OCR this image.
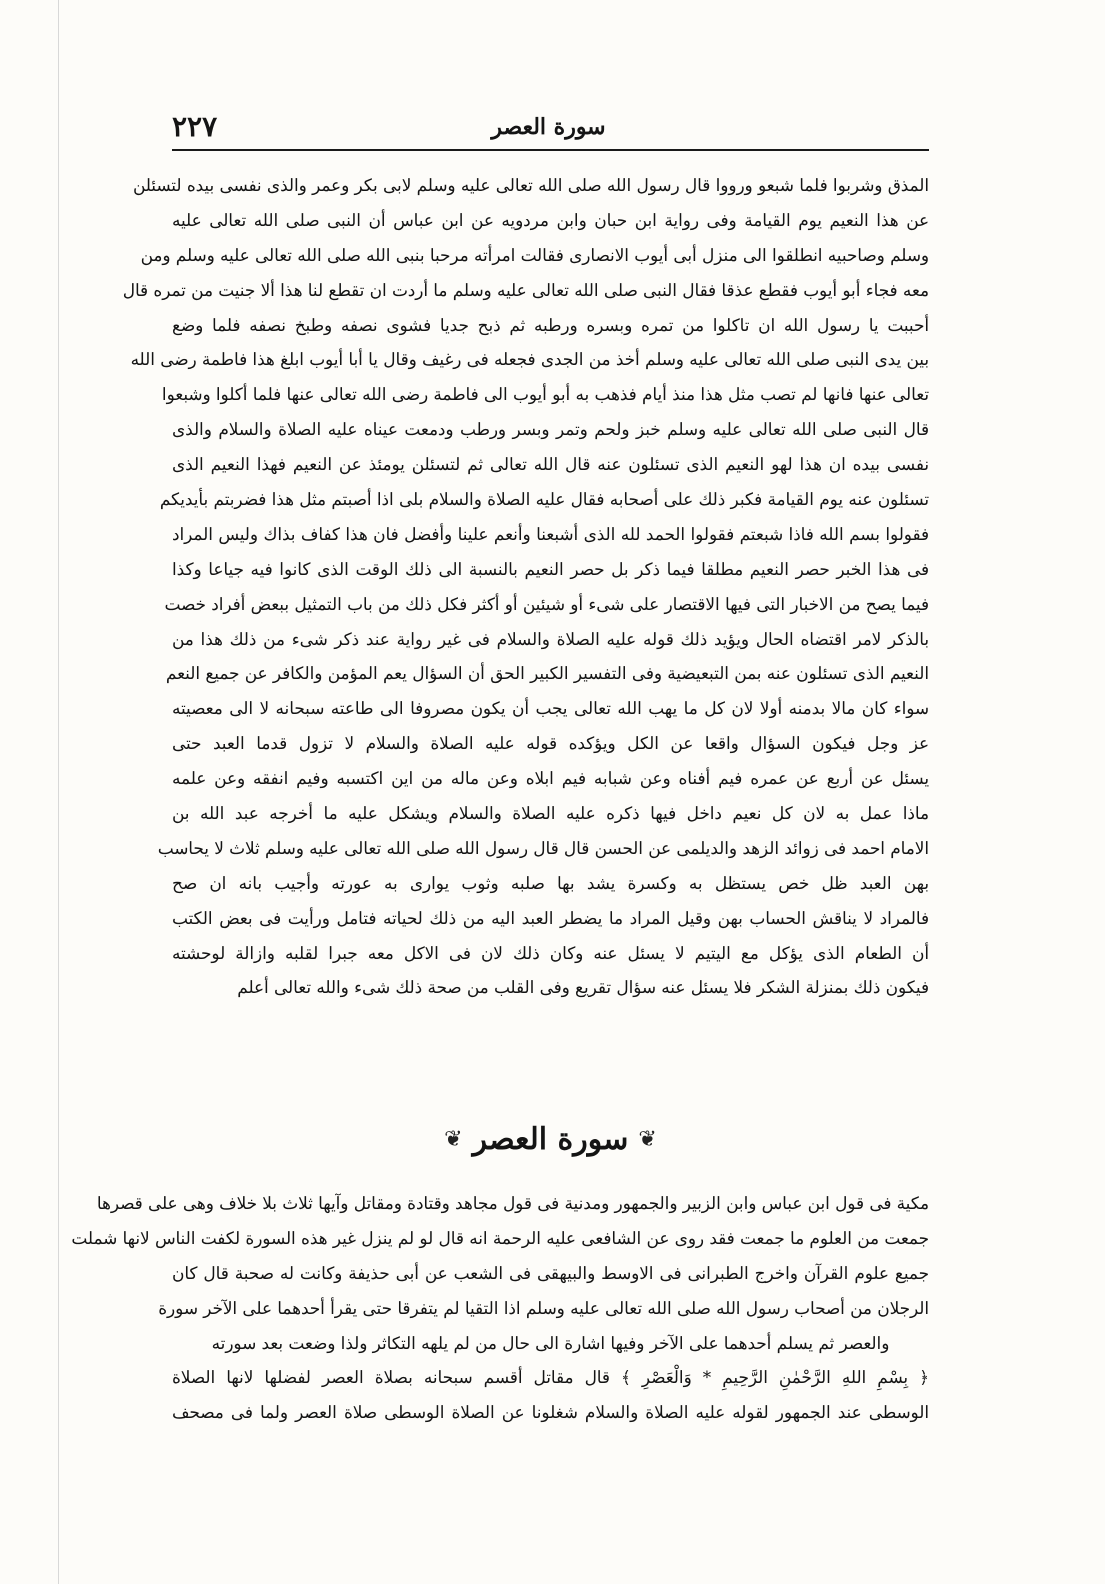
٢٢٧	سورة العصر

المذق وشربوا فلما شبعو ورووا قال رسول الله صلى الله تعالى عليه وسلم لابى بكر وعمر والذى نفسى بيده لتسئلن

عن هذا النعيم يوم القيامة وفى رواية ابن حبان وابن مردويه عن ابن عباس أن النبى صلى الله تعالى عليه

وسلم وصاحبيه انطلقوا الى منزل أبى أيوب الانصارى فقالت امرأته مرحبا بنبى الله صلى الله تعالى عليه وسلم ومن

معه فجاء أبو أيوب فقطع عذقا فقال النبى صلى الله تعالى عليه وسلم ما أردت ان تقطع لنا هذا ألا جنيت من تمره قال

أحببت يا رسول الله ان تاكلوا من تمره وبسره ورطبه ثم ذبح جديا فشوى نصفه وطبخ نصفه فلما وضع

بين يدى النبى صلى الله تعالى عليه وسلم أخذ من الجدى فجعله فى رغيف وقال يا أبا أيوب ابلغ هذا فاطمة رضى الله

تعالى عنها فانها لم تصب مثل هذا منذ أيام فذهب به أبو أيوب الى فاطمة رضى الله تعالى عنها فلما أكلوا وشبعوا

قال النبى صلى الله تعالى عليه وسلم خبز ولحم وتمر وبسر ورطب ودمعت عيناه عليه الصلاة والسلام والذى

نفسى بيده ان هذا لهو النعيم الذى تسئلون عنه قال الله تعالى ثم لتسئلن يومئذ عن النعيم فهذا النعيم الذى

تسئلون عنه يوم القيامة فكبر ذلك على أصحابه فقال عليه الصلاة والسلام بلى اذا أصبتم مثل هذا فضربتم بأيديكم

فقولوا بسم الله فاذا شبعتم فقولوا الحمد لله الذى أشبعنا وأنعم علينا وأفضل فان هذا كفاف بذاك وليس المراد

فى هذا الخبر حصر النعيم مطلقا فيما ذكر بل حصر النعيم بالنسبة الى ذلك الوقت الذى كانوا فيه جياعا وكذا

فيما يصح من الاخبار التى فيها الاقتصار على شىء أو شيئين أو أكثر فكل ذلك من باب التمثيل ببعض أفراد خصت

بالذكر لامر اقتضاه الحال ويؤيد ذلك قوله عليه الصلاة والسلام فى غير رواية عند ذكر شىء من ذلك هذا من

النعيم الذى تسئلون عنه بمن التبعيضية وفى التفسير الكبير الحق أن السؤال يعم المؤمن والكافر عن جميع النعم

سواء كان مالا بدمنه أولا لان كل ما يهب الله تعالى يجب أن يكون مصروفا الى طاعته سبحانه لا الى معصيته

عز وجل فيكون السؤال واقعا عن الكل ويؤكده قوله عليه الصلاة والسلام لا تزول قدما العبد حتى

يسئل عن أربع عن عمره فيم أفناه وعن شبابه فيم ابلاه وعن ماله من اين اكتسبه وفيم انفقه وعن علمه

ماذا عمل به لان كل نعيم داخل فيها ذكره عليه الصلاة والسلام ويشكل عليه ما أخرجه عبد الله بن

الامام احمد فى زوائد الزهد والديلمى عن الحسن قال قال رسول الله صلى الله تعالى عليه وسلم ثلاث لا يحاسب

بهن العبد ظل خص يستظل به وكسرة يشد بها صلبه وثوب يوارى به عورته وأجيب بانه ان صح

فالمراد لا يناقش الحساب بهن وقيل المراد ما يضطر العبد اليه من ذلك لحياته فتامل ورأيت فى بعض الكتب

أن الطعام الذى يؤكل مع اليتيم لا يسئل عنه وكان ذلك لان فى الاكل معه جبرا لقلبه وازالة لوحشته

فيكون ذلك بمنزلة الشكر فلا يسئل عنه سؤال تقريع وفى القلب من صحة ذلك شىء والله تعالى أعلم

❦
سورة العصر
❦

مكية فى قول ابن عباس وابن الزبير والجمهور ومدنية فى قول مجاهد وقتادة ومقاتل وآيها ثلاث بلا خلاف وهى على قصرها

جمعت من العلوم ما جمعت فقد روى عن الشافعى عليه الرحمة انه قال لو لم ينزل غير هذه السورة لكفت الناس لانها شملت

جميع علوم القرآن واخرج الطبرانى فى الاوسط والبيهقى فى الشعب عن أبى حذيفة وكانت له صحبة قال كان

الرجلان من أصحاب رسول الله صلى الله تعالى عليه وسلم اذا التقيا لم يتفرقا حتى يقرأ أحدهما على الآخر سورة

والعصر ثم يسلم أحدهما على الآخر وفيها اشارة الى حال من لم يلهه التكاثر ولذا وضعت بعد سورته

﴿ بِسْمِ اللهِ الرَّحْمٰنِ الرَّحِيمِ * وَالْعَصْرِ ﴾ قال مقاتل أقسم سبحانه بصلاة العصر لفضلها لانها الصلاة

الوسطى عند الجمهور لقوله عليه الصلاة والسلام شغلونا عن الصلاة الوسطى صلاة العصر ولما فى مصحف
